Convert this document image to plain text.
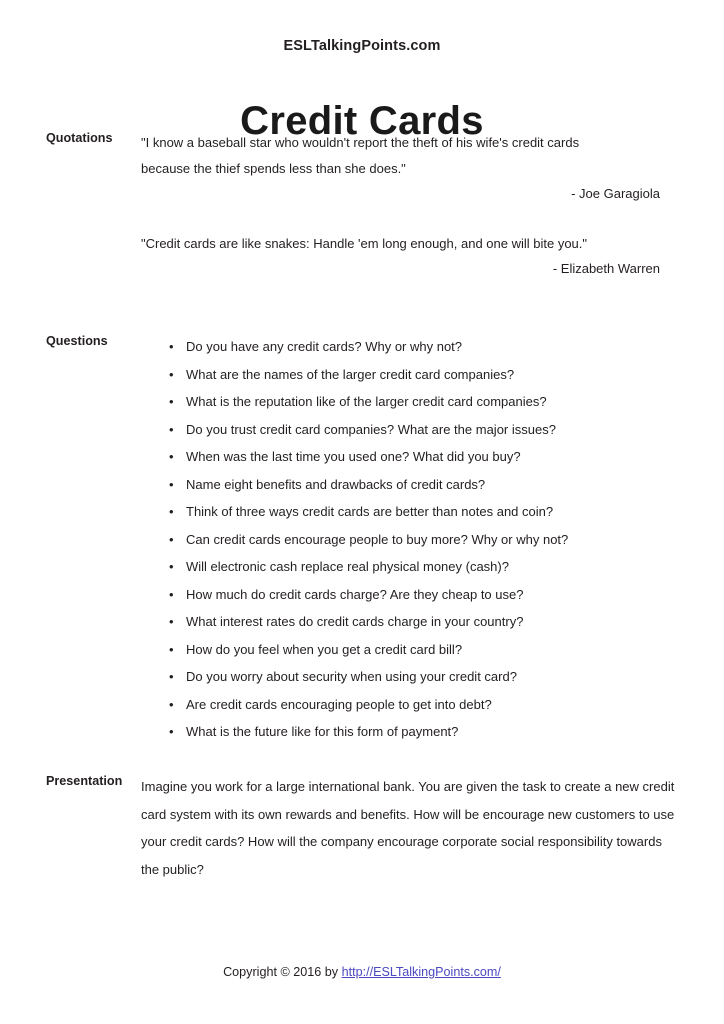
ESLTalkingPoints.com
Credit Cards
Quotations	"I know a baseball star who wouldn't report the theft of his wife's credit cards because the thief spends less than she does."
- Joe Garagiola
"Credit cards are like snakes: Handle 'em long enough, and one will bite you."
- Elizabeth Warren
Questions	• Do you have any credit cards? Why or why not?
• What are the names of the larger credit card companies?
• What is the reputation like of the larger credit card companies?
• Do you trust credit card companies? What are the major issues?
• When was the last time you used one? What did you buy?
• Name eight benefits and drawbacks of credit cards?
• Think of three ways credit cards are better than notes and coin?
• Can credit cards encourage people to buy more? Why or why not?
• Will electronic cash replace real physical money (cash)?
• How much do credit cards charge? Are they cheap to use?
• What interest rates do credit cards charge in your country?
• How do you feel when you get a credit card bill?
• Do you worry about security when using your credit card?
• Are credit cards encouraging people to get into debt?
• What is the future like for this form of payment?
Presentation	Imagine you work for a large international bank. You are given the task to create a new credit card system with its own rewards and benefits. How will be encourage new customers to use your credit cards? How will the company encourage corporate social responsibility towards the public?
Copyright © 2016 by http://ESLTalkingPoints.com/
